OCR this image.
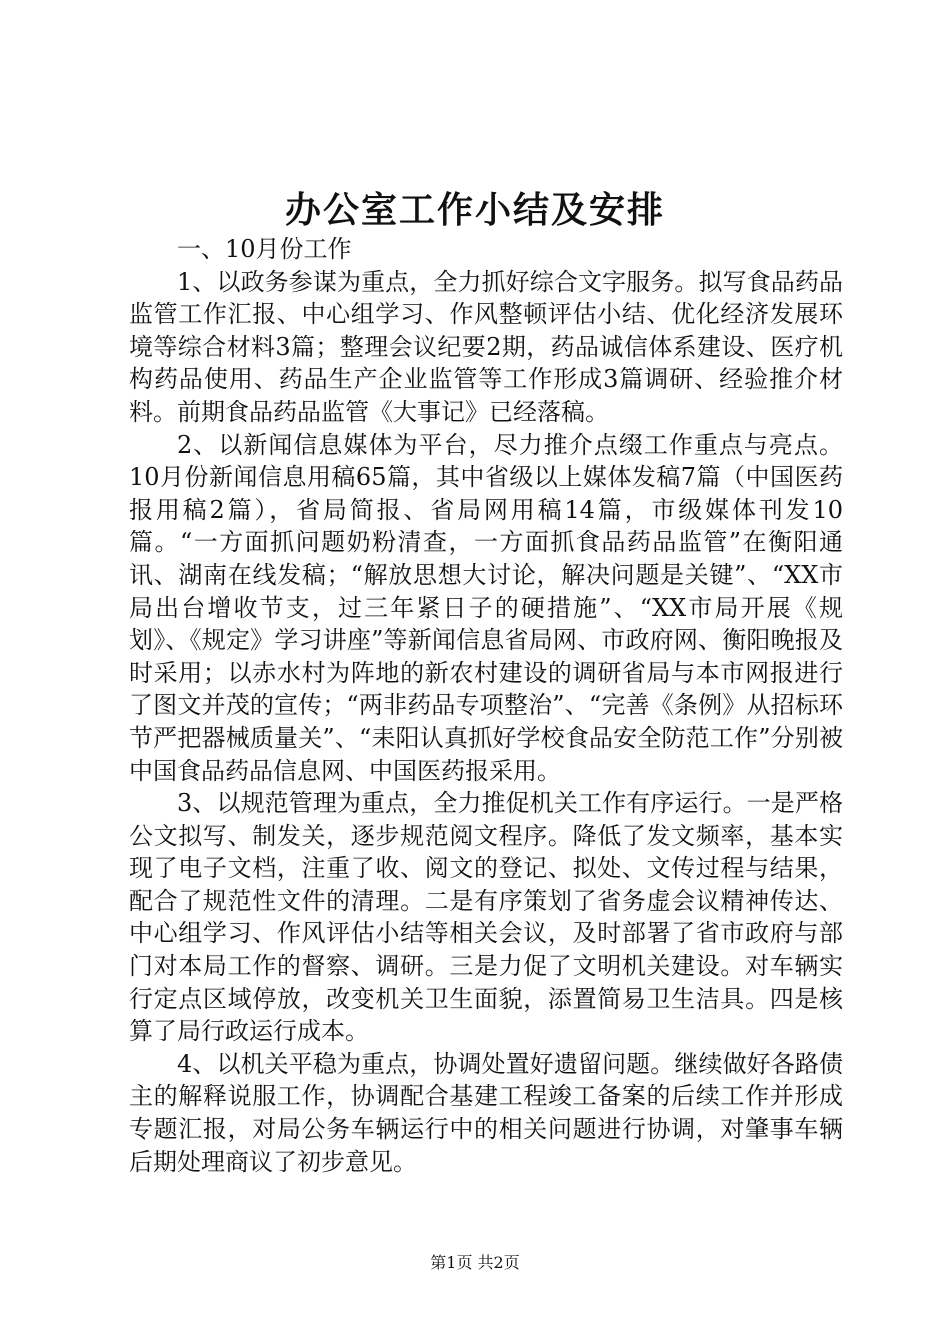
办公室工作小结及安排

一、10月份工作

1、以政务参谋为重点，全力抓好综合文字服务。拟写食品药品监管工作汇报、中心组学习、作风整顿评估小结、优化经济发展环境等综合材料3篇；整理会议纪要2期，药品诚信体系建设、医疗机构药品使用、药品生产企业监管等工作形成3篇调研、经验推介材料。前期食品药品监管《大事记》已经落稿。

2、以新闻信息媒体为平台，尽力推介点缀工作重点与亮点。10月份新闻信息用稿65篇，其中省级以上媒体发稿7篇（中国医药报用稿2篇），省局简报、省局网用稿14篇，市级媒体刊发10篇。“一方面抓问题奶粉清查，一方面抓食品药品监管”在衡阳通讯、湖南在线发稿；“解放思想大讨论，解决问题是关键”、“XX市局出台增收节支，过三年紧日子的硬措施”、“XX市局开展《规划》、《规定》学习讲座”等新闻信息省局网、市政府网、衡阳晚报及时采用；以赤水村为阵地的新农村建设的调研省局与本市网报进行了图文并茂的宣传；“两非药品专项整治”、“完善《条例》从招标环节严把器械质量关”、“耒阳认真抓好学校食品安全防范工作”分别被中国食品药品信息网、中国医药报采用。

3、以规范管理为重点，全力推促机关工作有序运行。一是严格公文拟写、制发关，逐步规范阅文程序。降低了发文频率，基本实现了电子文档，注重了收、阅文的登记、拟处、文传过程与结果，配合了规范性文件的清理。二是有序策划了省务虚会议精神传达、中心组学习、作风评估小结等相关会议，及时部署了省市政府与部门对本局工作的督察、调研。三是力促了文明机关建设。对车辆实行定点区域停放，改变机关卫生面貌，添置简易卫生洁具。四是核算了局行政运行成本。

4、以机关平稳为重点，协调处置好遗留问题。继续做好各路债主的解释说服工作，协调配合基建工程竣工备案的后续工作并形成专题汇报，对局公务车辆运行中的相关问题进行协调，对肇事车辆后期处理商议了初步意见。

第1页 共2页
